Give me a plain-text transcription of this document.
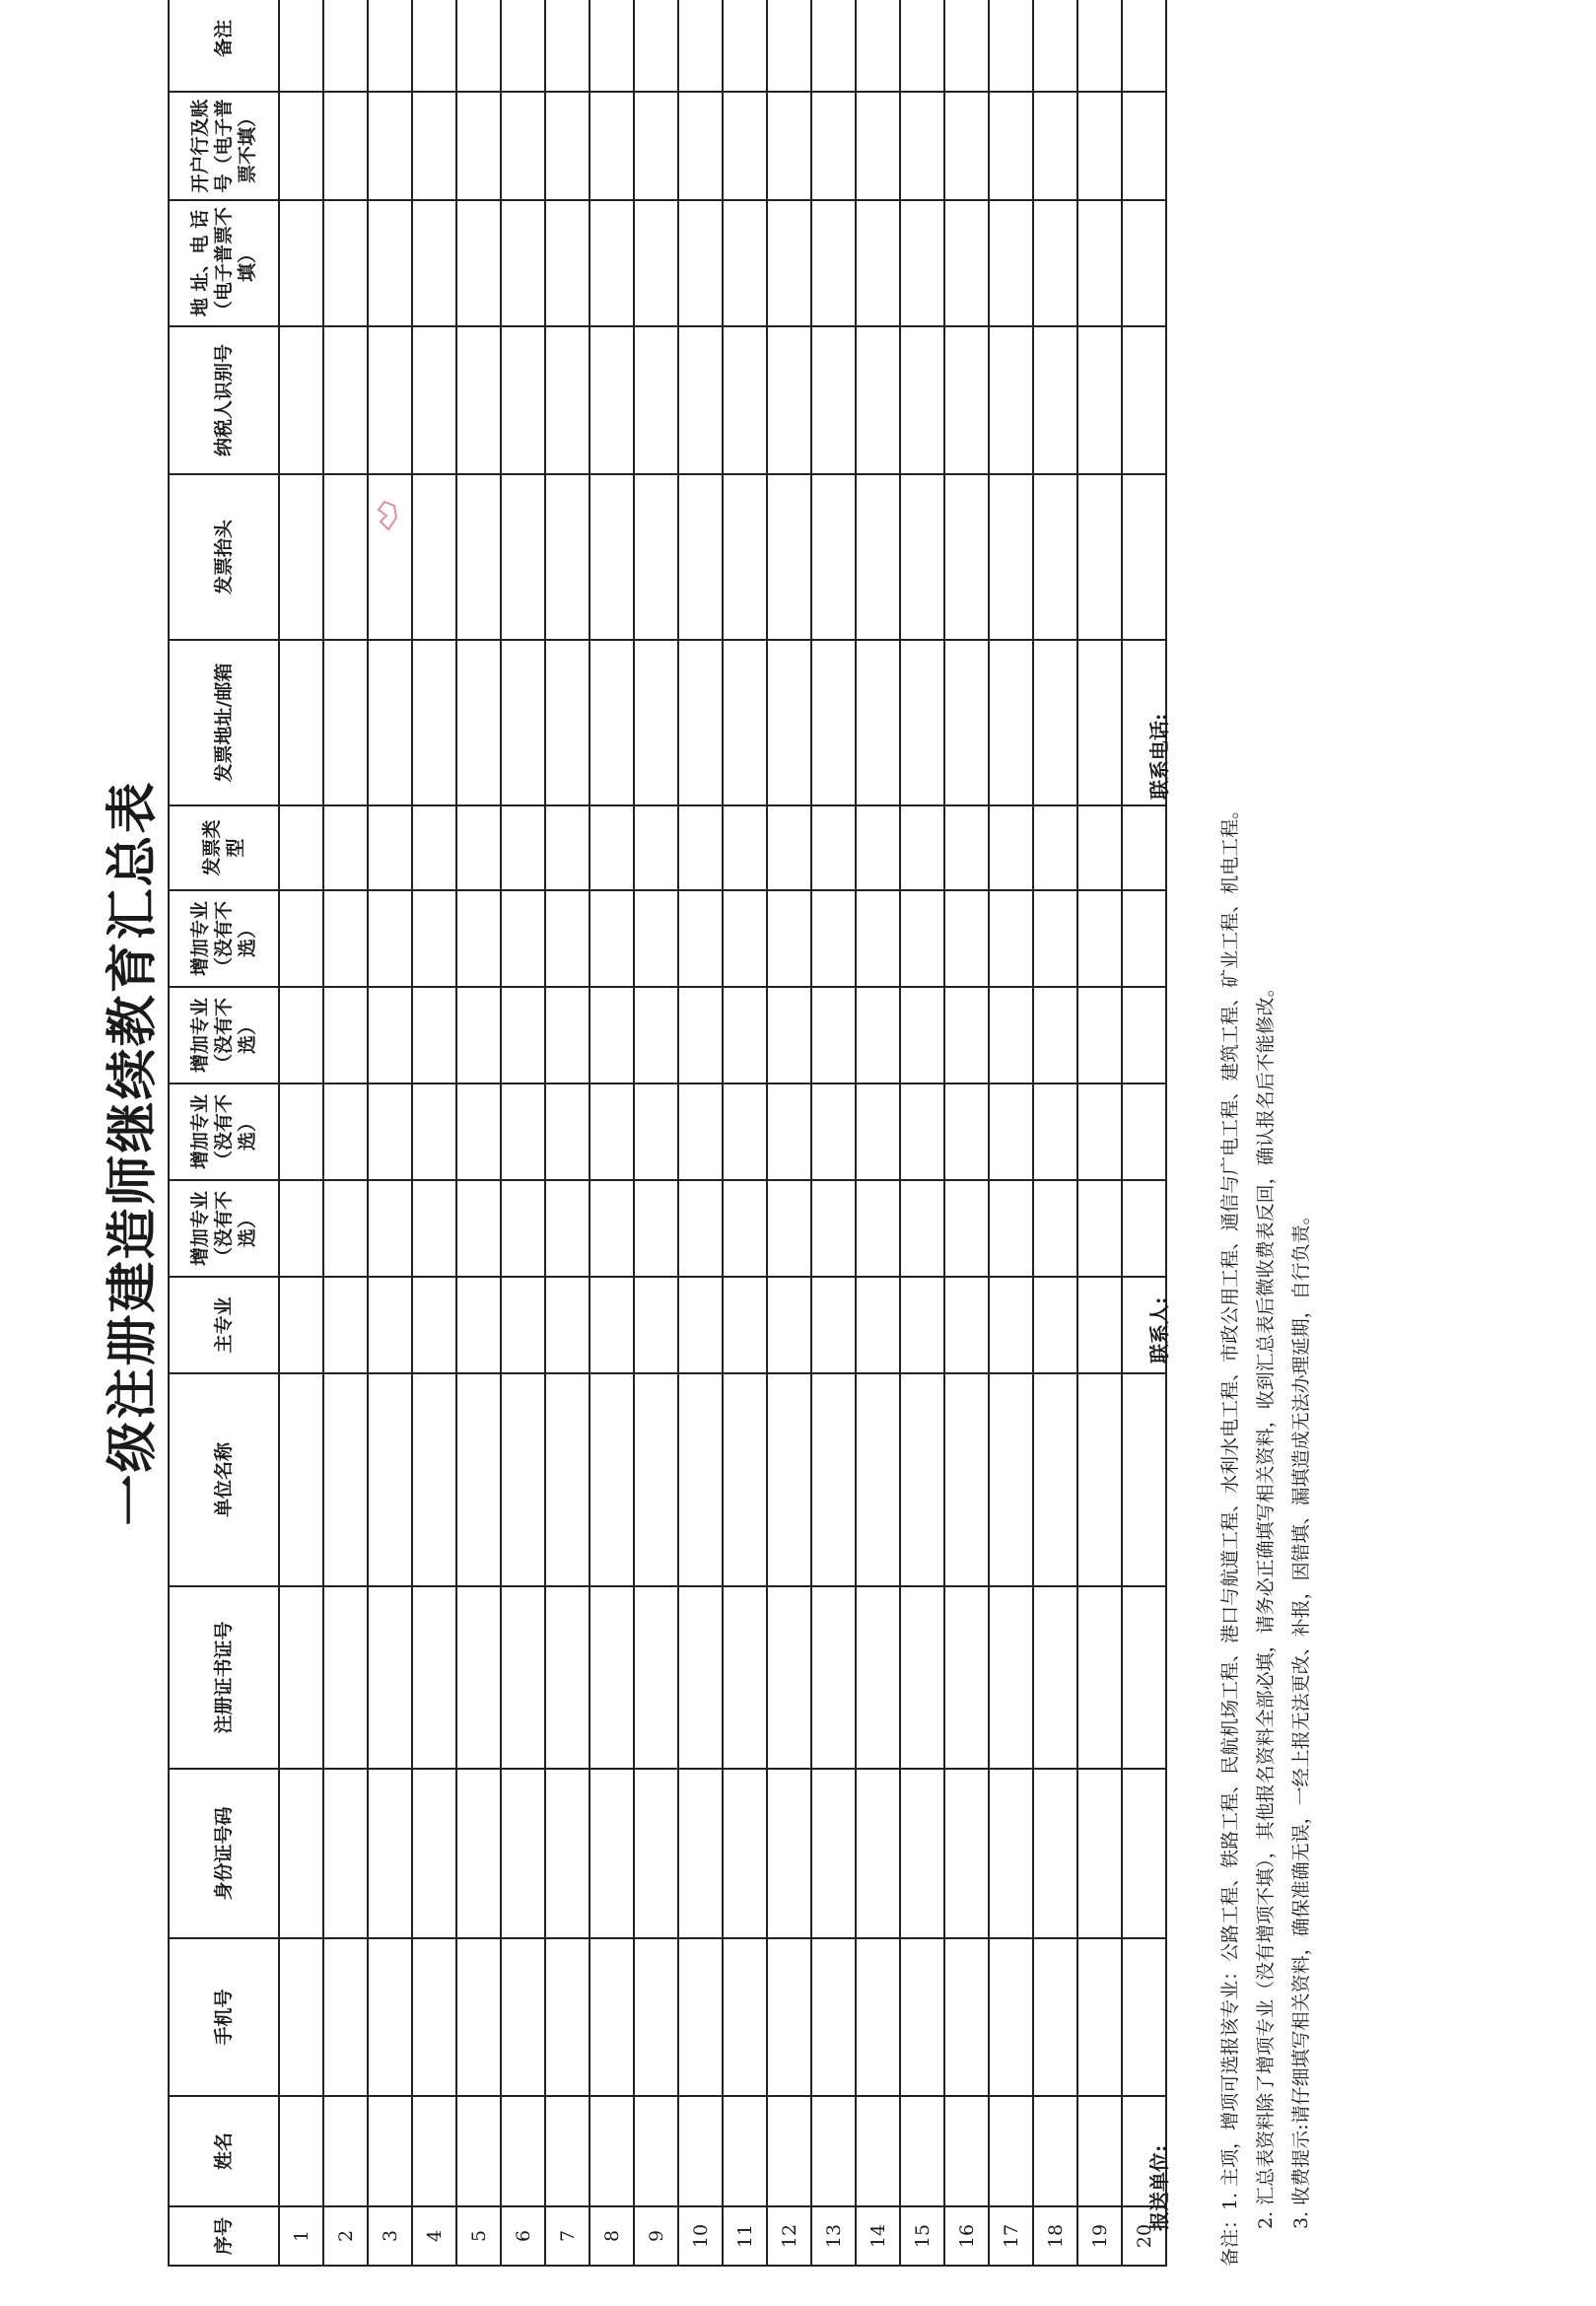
一级注册建造师继续教育汇总表
序号	姓名	手机号	身份证号码	注册证书证号	单位名称	主专业	增加专业（没有不选）	增加专业（没有不选）	增加专业（没有不选）	增加专业（没有不选）	发票类型	发票地址/邮箱	发票抬头	纳税人识别号	地 址、电 话（电子普票不填）	开户行及账号（电子普票不填）	备注
1																	
2																	
3																	
4																	
5																	
6																	
7																	
8																	
9																	
10																	
11																	
12																	
13																	
14																	
15																	
16																	
17																	
18																	
19																	
20																	
报送单位:
联系人:
联系电话:
备注：1. 主项，增项可选报该专业：公路工程、铁路工程、民航机场工程、港口与航道工程、水利水电工程、市政公用工程、通信与广电工程、建筑工程、矿业工程、机电工程。 2. 汇总表资料除了增项专业（没有增项不填），其他报名资料全部必填，请务必正确填写相关资料，收到汇总表后微收费表反回，确认报名后不能修改。 3. 收费提示:请仔细填写相关资料，确保准确无误，一经上报无法更改、补报，因错填、漏填造成无法办理延期，自行负责。
